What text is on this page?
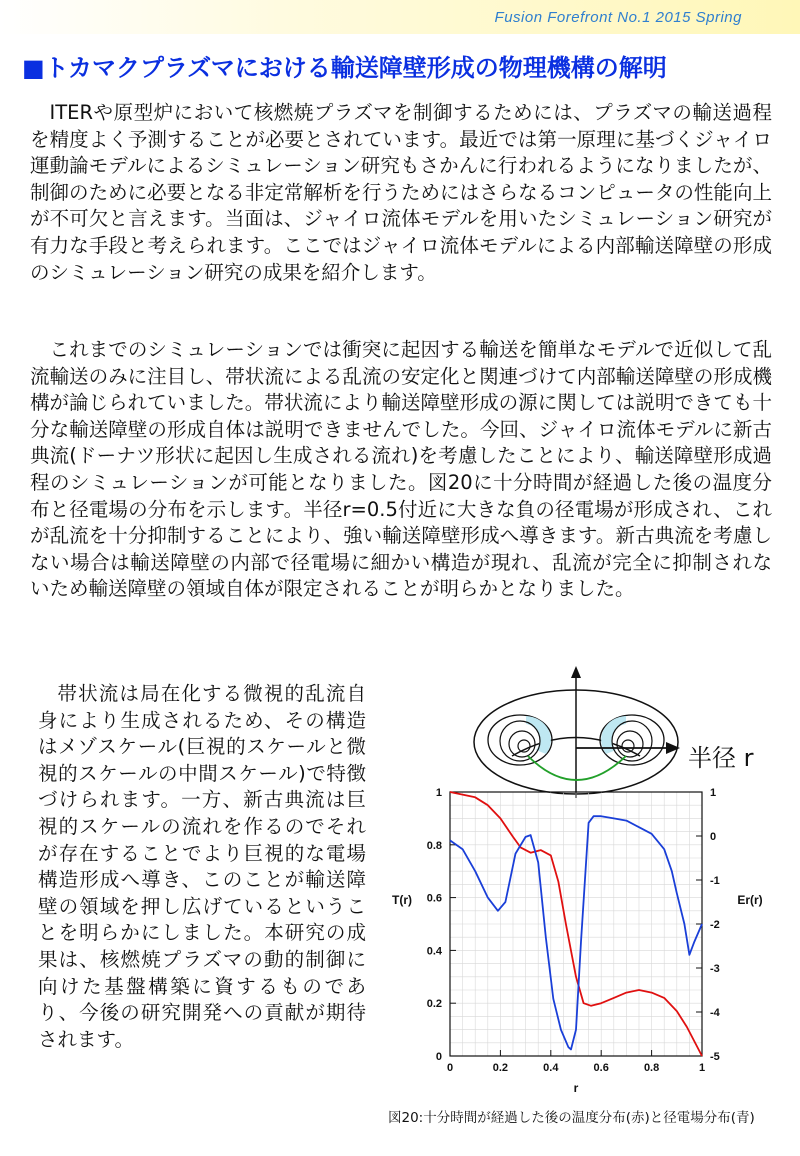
Fusion Forefront No.1 2015 Spring
■トカマクプラズマにおける輸送障壁形成の物理機構の解明

ITERや原型炉において核燃焼プラズマを制御するためには、プラズマの輸送過程を精度よく予測することが必要とされています。最近では第一原理に基づくジャイロ運動論モデルによるシミュレーション研究もさかんに行われるようになりましたが、制御のために必要となる非定常解析を行うためにはさらなるコンピュータの性能向上が不可欠と言えます。当面は、ジャイロ流体モデルを用いたシミュレーション研究が有力な手段と考えられます。ここではジャイロ流体モデルによる内部輸送障壁の形成のシミュレーション研究の成果を紹介します。

これまでのシミュレーションでは衝突に起因する輸送を簡単なモデルで近似して乱流輸送のみに注目し、帯状流による乱流の安定化と関連づけて内部輸送障壁の形成機構が論じられていました。帯状流により輸送障壁形成の源に関しては説明できても十分な輸送障壁の形成自体は説明できませんでした。今回、ジャイロ流体モデルに新古典流(ドーナツ形状に起因し生成される流れ)を考慮したことにより、輸送障壁形成過程のシミュレーションが可能となりました。図20に十分時間が経過した後の温度分布と径電場の分布を示します。半径r=0.5付近に大きな負の径電場が形成され、これが乱流を十分抑制することにより、強い輸送障壁形成へ導きます。新古典流を考慮しない場合は輸送障壁の内部で径電場に細かい構造が現れ、乱流が完全に抑制されないため輸送障壁の領域自体が限定されることが明らかとなりました。

帯状流は局在化する微視的乱流自身により生成されるため、その構造はメゾスケール(巨視的スケールと微視的スケールの中間スケール)で特徴づけられます。一方、新古典流は巨視的スケールの流れを作るのでそれが存在することでより巨視的な電場構造形成へ導き、このことが輸送障壁の領域を押し広げているということを明らかにしました。本研究の成果は、核燃焼プラズマの動的制御に向けた基盤構築に資するものであり、今後の研究開発への貢献が期待されます。

半径 r
0	0.2	0.4	0.6	0.8	1
0
0.2
0.4
0.6
0.8
1
-5
-4
-3
-2
-1
0
1
r
T(r)	Er(r)

図20:十分時間が経過した後の温度分布(赤)と径電場分布(青)
